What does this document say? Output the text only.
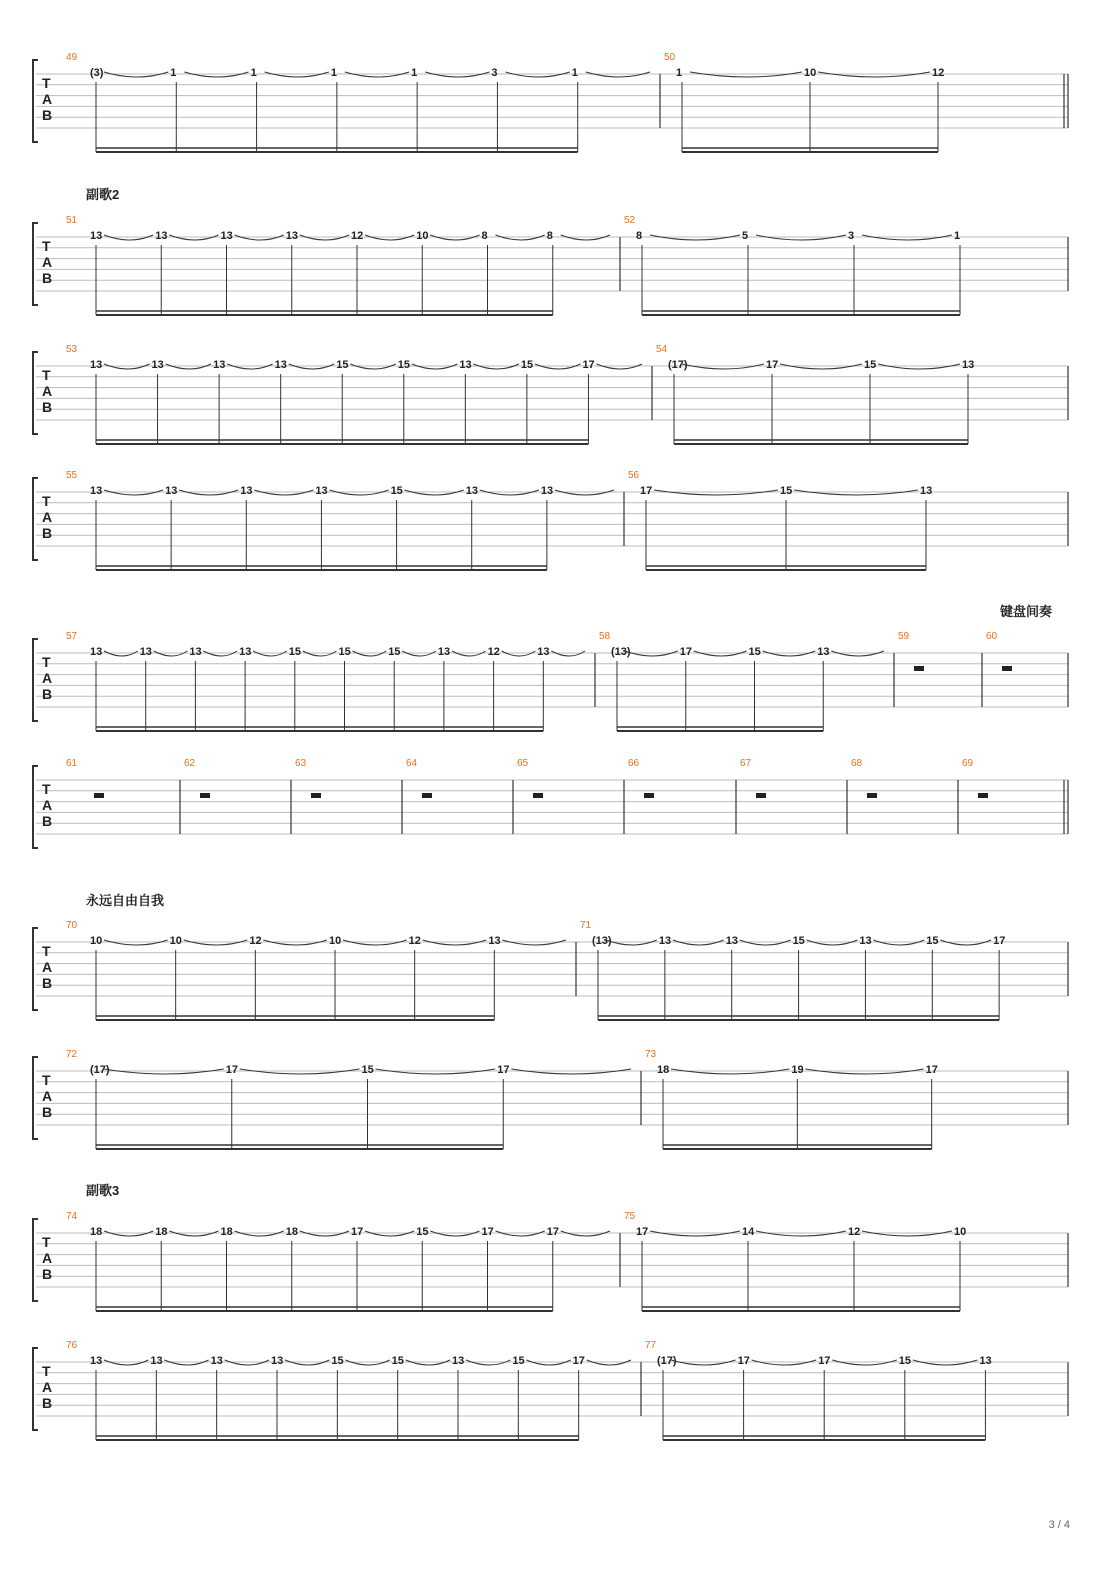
T
A
B
49
(3)	1	1	1	1	3	1
50
1	10	12
T
A
B
51
13	13	13	13	12	10	8	8
52
8	5	3	1
T
A
B
53
13	13	13	13	15	15	13	15	17
54
(17)	17	15	13
T
A
B
55
13	13	13	13	15	13	13
56
17	15	13
T
A
B
57
13	13	13	13	15	15	15	13	12	13
58
(13)	17	15	13
59	60
T
A
B
61	62	63	64	65	66	67	68	69
T
A
B
70
10	10	12	10	12	13
71
(13)	13	13	15	13	15	17
T
A
B
72
(17)	17	15	17
73
18	19	17
T
A
B
74
18	18	18	18	17	15	17	17
75
17	14	12	10
T
A
B
76
13	13	13	13	15	15	13	15	17
77
(17)	17	17	15	13
副歌2
键盘间奏
永远自由自我
副歌3
3 / 4
